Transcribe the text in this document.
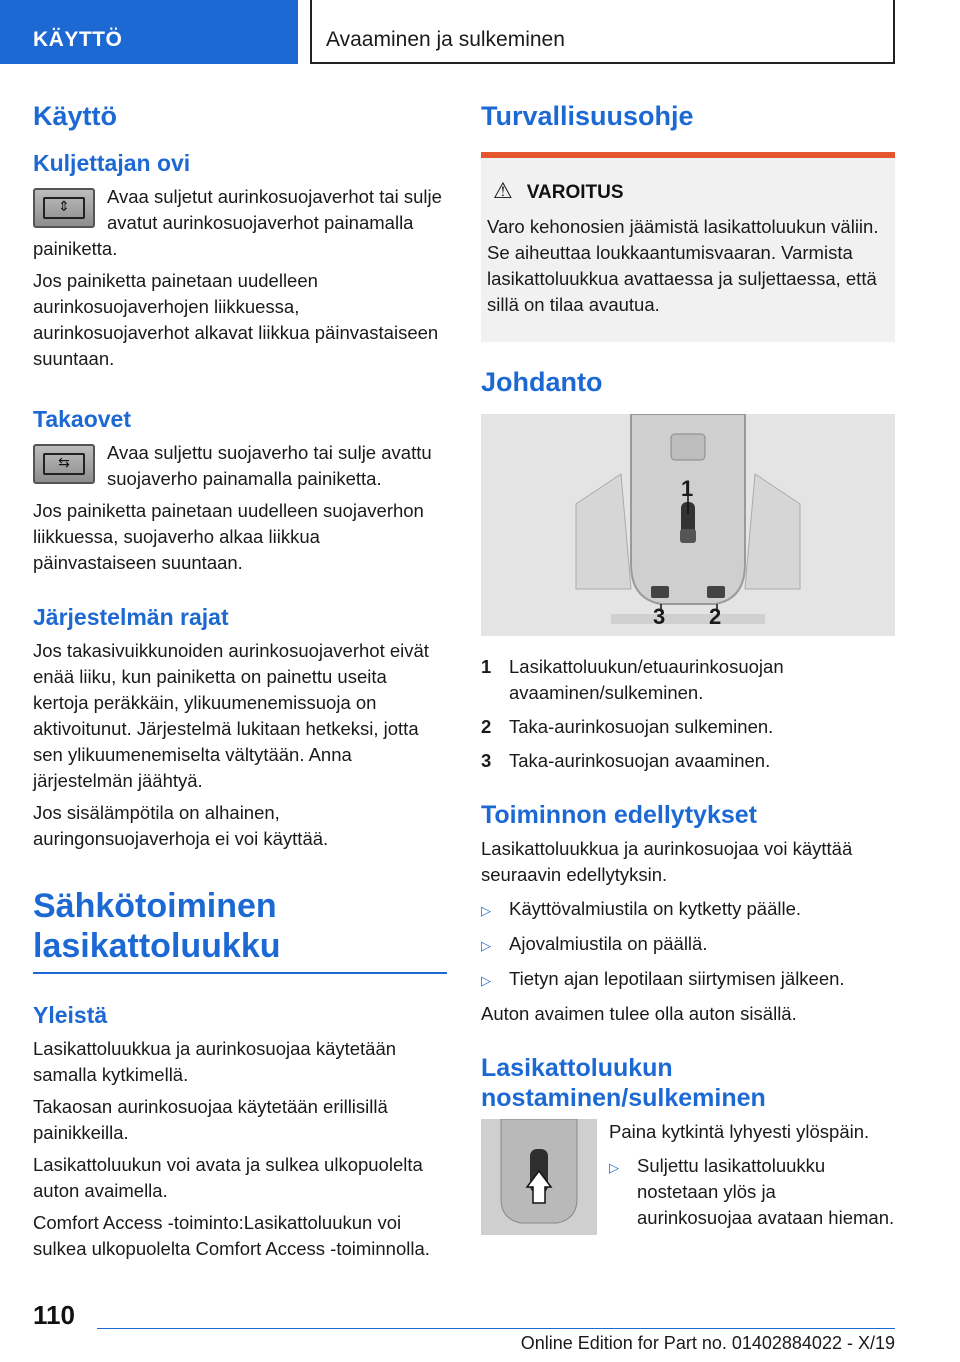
KÄYTTÖ	Avaaminen ja sulkeminen
Käyttö
Kuljettajan ovi
⇕	Avaa suljetut aurinkosuojaverhot tai sulje avatut aurinkosuojaverhot painamalla painiketta.

Jos painiketta painetaan uudelleen aurinkosuojaverhojen liikkuessa, aurinkosuojaverhot alkavat liikkua päinvastaiseen suuntaan.

Takaovet
⇆	Avaa suljettu suojaverho tai sulje avattu suojaverho painamalla painiketta.

Jos painiketta painetaan uudelleen suojaverhon liikkuessa, suojaverho alkaa liikkua päinvastaiseen suuntaan.

Järjestelmän rajat

Jos takasivuikkunoiden aurinkosuojaverhot eivät enää liiku, kun painiketta on painettu useita kertoja peräkkäin, ylikuumenemissuoja on aktivoitunut. Järjestelmä lukitaan hetkeksi, jotta sen ylikuumenemiselta vältytään. Anna järjestelmän jäähtyä.

Jos sisälämpötila on alhainen, auringonsuojaverhoja ei voi käyttää.

Sähkötoiminen
lasikattoluukku
Yleistä

Lasikattoluukkua ja aurinkosuojaa käytetään samalla kytkimellä.

Takaosan aurinkosuojaa käytetään erillisillä painikkeilla.

Lasikattoluukun voi avata ja sulkea ulkopuolelta auton avaimella.

Comfort Access -toiminto:Lasikattoluukun voi sulkea ulkopuolelta Comfort Access -toiminnolla.

Turvallisuusohje
⚠ VAROITUS

Varo kehonosien jäämistä lasikattoluukun väliin. Se aiheuttaa loukkaantumisvaaran. Varmista lasikattoluukkua avattaessa ja suljettaessa, että sillä on tilaa avautua.

Johdanto
1
3 2
1 Lasikattoluukun/etuaurinkosuojan avaaminen/sulkeminen.
2 Taka-aurinkosuojan sulkeminen.
3 Taka-aurinkosuojan avaaminen.
Toiminnon edellytykset

Lasikattoluukkua ja aurinkosuojaa voi käyttää seuraavin edellytyksin.

▷ Käyttövalmiustila on kytketty päälle.
▷ Ajovalmiustila on päällä.
▷ Tietyn ajan lepotilaan siirtymisen jälkeen.

Auton avaimen tulee olla auton sisällä.

Lasikattoluukun nostaminen/sulkeminen

Paina kytkintä lyhyesti ylöspäin.

▷ Suljettu lasikattoluukku nostetaan ylös ja aurinkosuojaa avataan hieman.
110
Online Edition for Part no. 01402884022 - X/19
